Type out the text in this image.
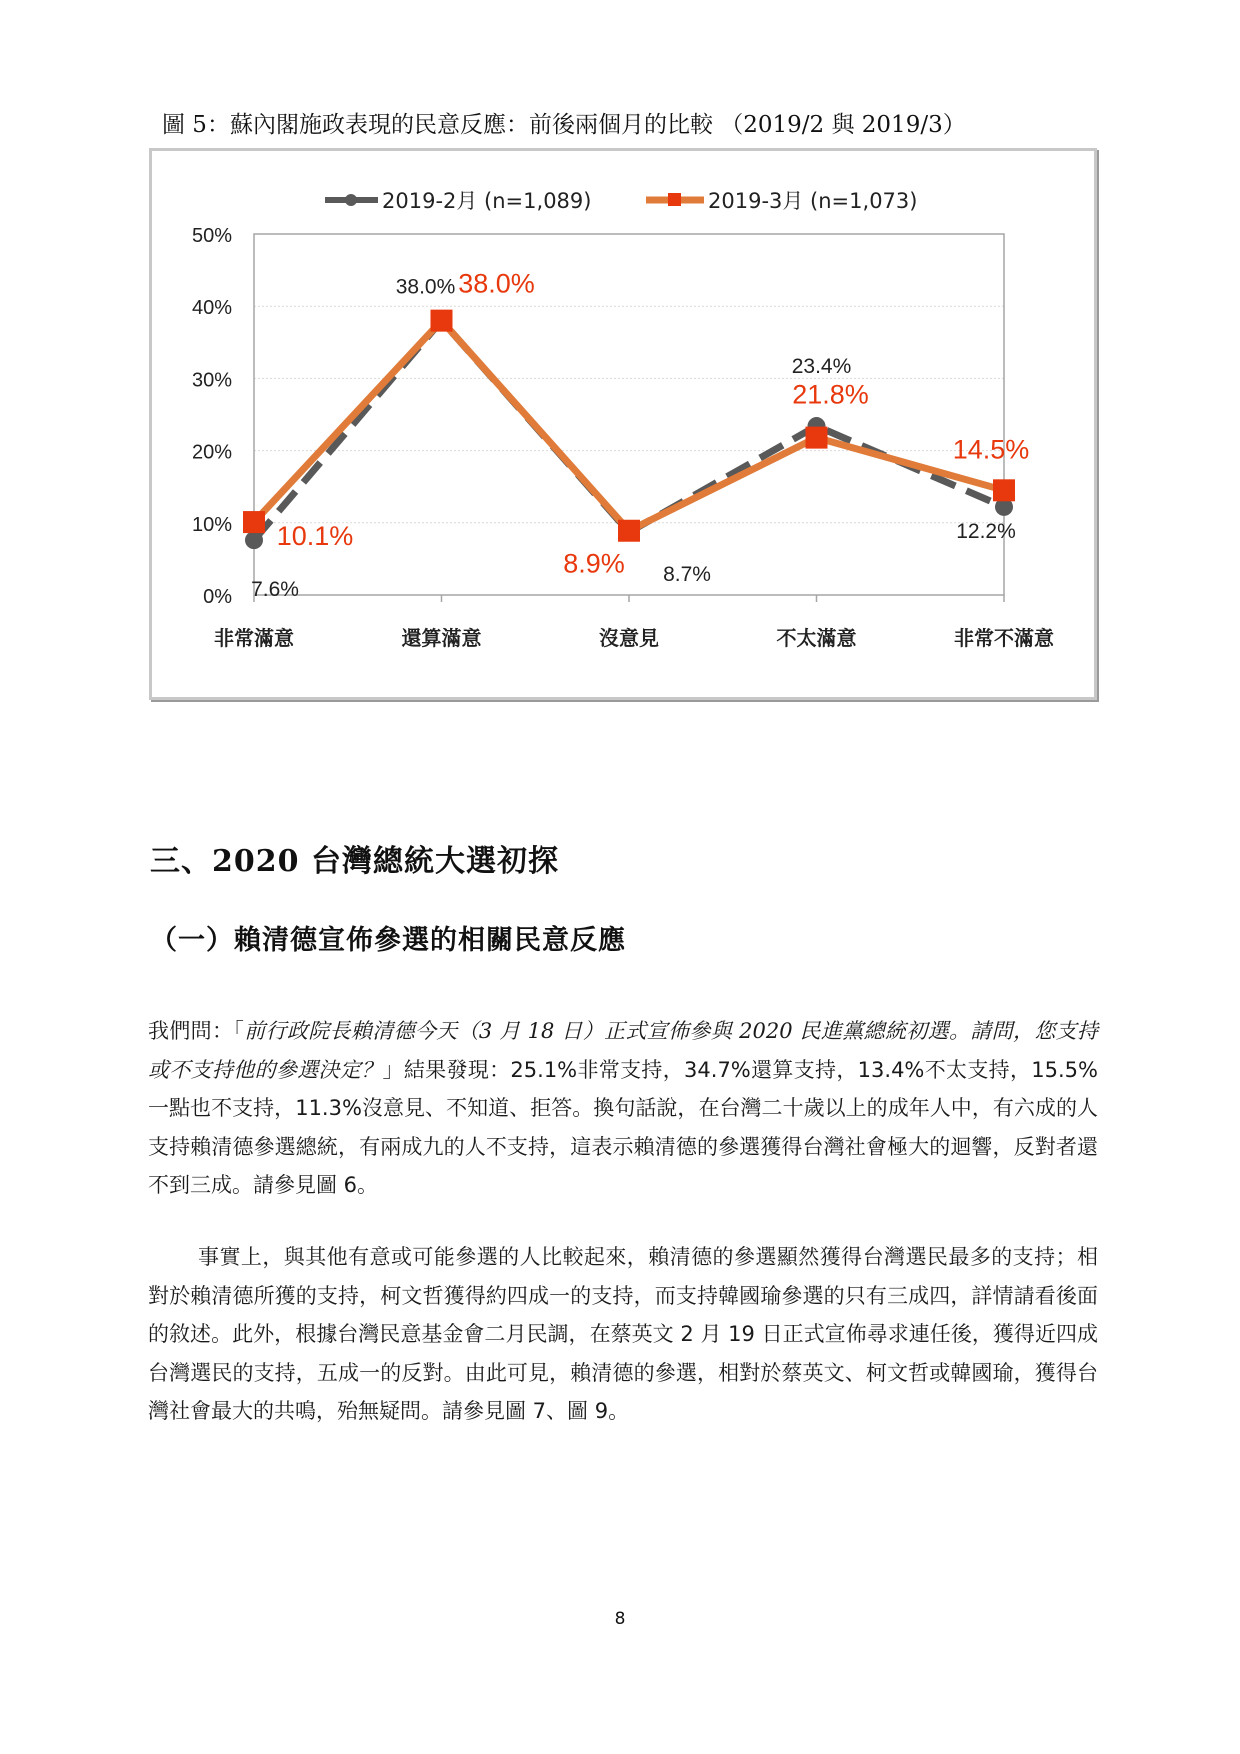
圖 5：蘇內閣施政表現的民意反應：前後兩個月的比較 （2019/2 與 2019/3）
0%
10%
20%
30%
40%
50%
非常滿意	還算滿意	沒意見	不太滿意	非常不滿意
7.6%
38.0%
8.7%
23.4%
12.2%
10.1%
38.0%
8.9%
21.8%
14.5%
2019-2月 (n=1,089)	2019-3月 (n=1,073)
三、2020 台灣總統大選初探
（一）賴清德宣佈參選的相關民意反應
我們問：「前行政院長賴清德今天（3 月 18 日）正式宣佈參與 2020 民進黨總統初選。請問，您支持或不支持他的參選決定？」結果發現：25.1%非常支持，34.7%還算支持，13.4%不太支持，15.5%一點也不支持，11.3%沒意見、不知道、拒答。換句話說，在台灣二十歲以上的成年人中，有六成的人支持賴清德參選總統，有兩成九的人不支持，這表示賴清德的參選獲得台灣社會極大的迴響，反對者還不到三成。請參見圖 6。
事實上，與其他有意或可能參選的人比較起來，賴清德的參選顯然獲得台灣選民最多的支持；相對於賴清德所獲的支持，柯文哲獲得約四成一的支持，而支持韓國瑜參選的只有三成四，詳情請看後面的敘述。此外，根據台灣民意基金會二月民調，在蔡英文 2 月 19 日正式宣佈尋求連任後，獲得近四成台灣選民的支持，五成一的反對。由此可見，賴清德的參選，相對於蔡英文、柯文哲或韓國瑜，獲得台灣社會最大的共鳴，殆無疑問。請參見圖 7、圖 9。
8
